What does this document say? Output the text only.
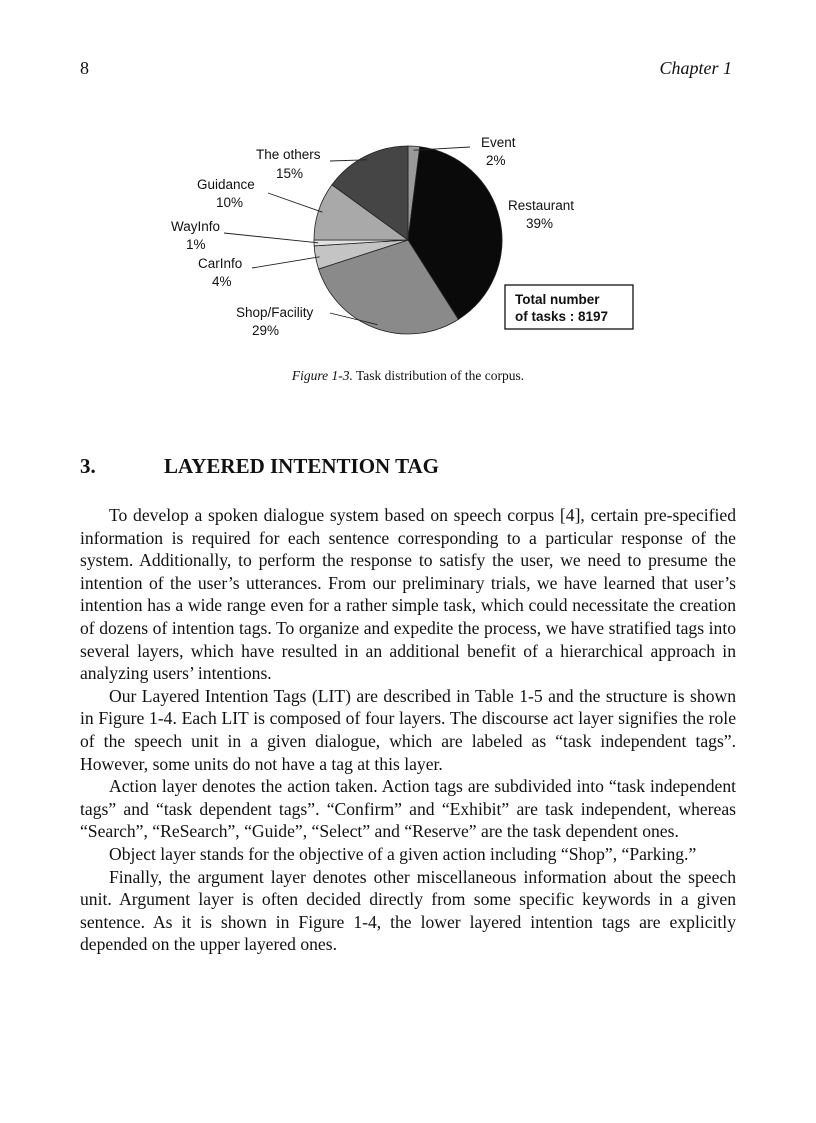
8	Chapter 1
Event
2%
Restaurant
39%
Shop/Facility
29%
CarInfo
4%
WayInfo
1%
Guidance
10%
The others
15%
Total number
of tasks : 8197
Figure 1-3. Task distribution of the corpus.
3.	LAYERED INTENTION TAG

To develop a spoken dialogue system based on speech corpus [4], certain pre-specified information is required for each sentence corresponding to a particular response of the system. Additionally, to perform the response to satisfy the user, we need to presume the intention of the user’s utterances. From our preliminary trials, we have learned that user’s intention has a wide range even for a rather simple task, which could necessitate the creation of dozens of intention tags. To organize and expedite the process, we have stratified tags into several layers, which have resulted in an additional benefit of a hierarchical approach in analyzing users’ intentions.

Our Layered Intention Tags (LIT) are described in Table 1-5 and the structure is shown in Figure 1-4. Each LIT is composed of four layers. The discourse act layer signifies the role of the speech unit in a given dialogue, which are labeled as “task independent tags”. However, some units do not have a tag at this layer.

Action layer denotes the action taken. Action tags are subdivided into “task independent tags” and “task dependent tags”. “Confirm” and “Exhibit” are task independent, whereas “Search”, “ReSearch”, “Guide”, “Select” and “Reserve” are the task dependent ones.

Object layer stands for the objective of a given action including “Shop”, “Parking.”

Finally, the argument layer denotes other miscellaneous information about the speech unit. Argument layer is often decided directly from some specific keywords in a given sentence. As it is shown in Figure 1-4, the lower layered intention tags are explicitly depended on the upper layered ones.
